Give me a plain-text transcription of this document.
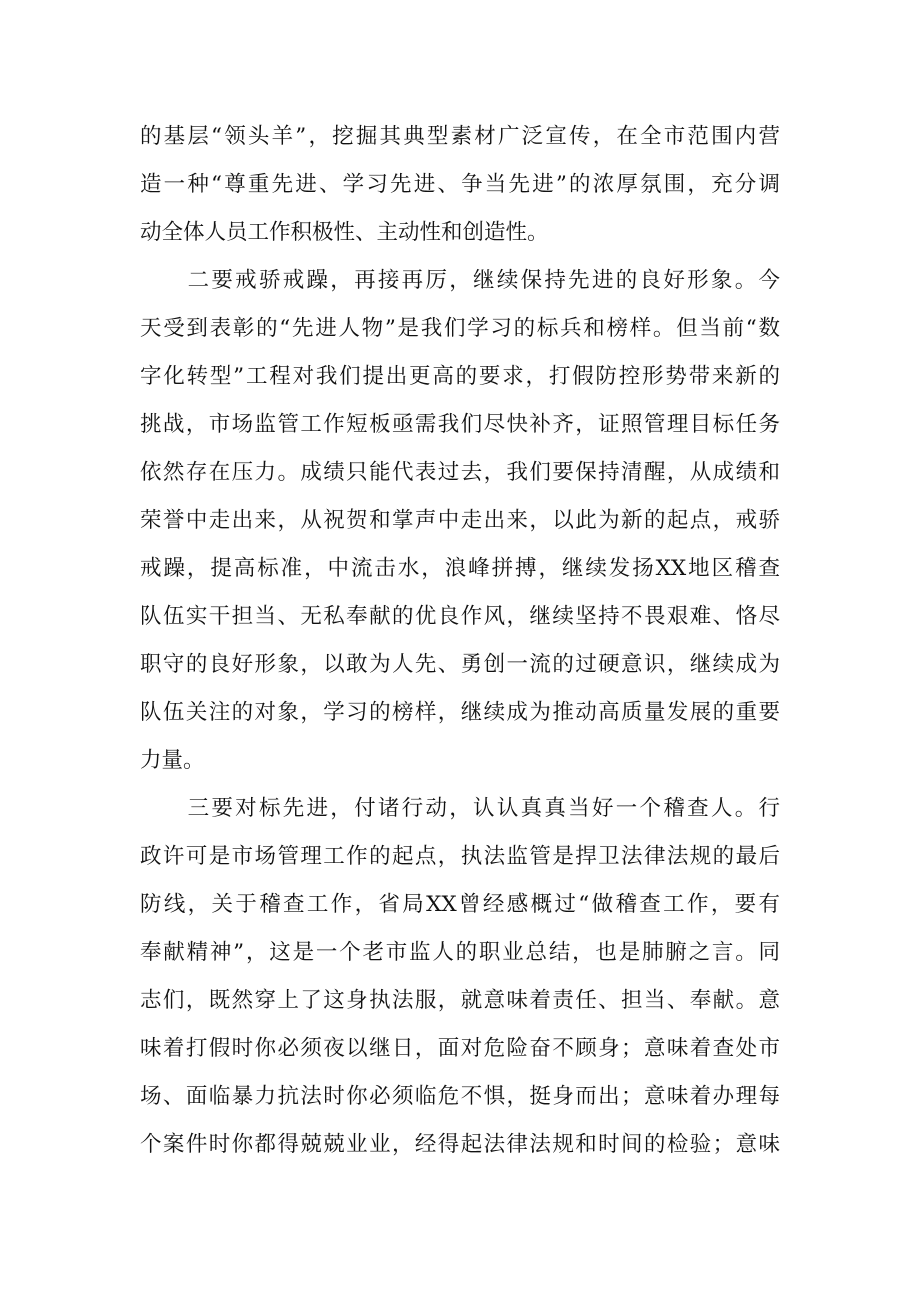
的基层“领头羊”，挖掘其典型素材广泛宣传，在全市范围内营
造一种“尊重先进、学习先进、争当先进”的浓厚氛围，充分调
动全体人员工作积极性、主动性和创造性。
　　二要戒骄戒躁，再接再厉，继续保持先进的良好形象。今
天受到表彰的“先进人物”是我们学习的标兵和榜样。但当前“数
字化转型”工程对我们提出更高的要求，打假防控形势带来新的
挑战，市场监管工作短板亟需我们尽快补齐，证照管理目标任务
依然存在压力。成绩只能代表过去，我们要保持清醒，从成绩和
荣誉中走出来，从祝贺和掌声中走出来，以此为新的起点，戒骄
戒躁，提高标准，中流击水，浪峰拼搏，继续发扬XX地区稽查
队伍实干担当、无私奉献的优良作风，继续坚持不畏艰难、恪尽
职守的良好形象，以敢为人先、勇创一流的过硬意识，继续成为
队伍关注的对象，学习的榜样，继续成为推动高质量发展的重要
力量。
　　三要对标先进，付诸行动，认认真真当好一个稽查人。行
政许可是市场管理工作的起点，执法监管是捍卫法律法规的最后
防线，关于稽查工作，省局XX曾经感概过“做稽查工作，要有
奉献精神”，这是一个老市监人的职业总结，也是肺腑之言。同
志们，既然穿上了这身执法服，就意味着责任、担当、奉献。意
味着打假时你必须夜以继日，面对危险奋不顾身；意味着查处市
场、面临暴力抗法时你必须临危不惧，挺身而出；意味着办理每
个案件时你都得兢兢业业，经得起法律法规和时间的检验；意味
